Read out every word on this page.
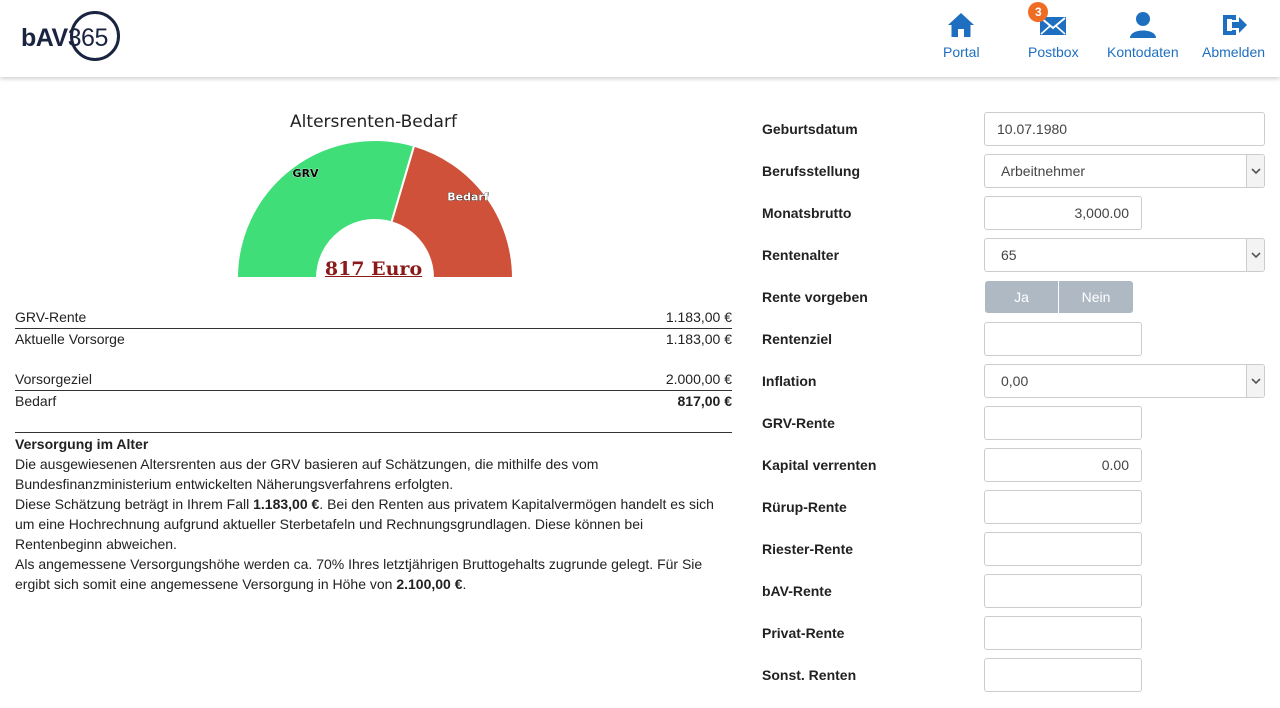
bAV365	Portal
3
Postbox Kontodaten Abmelden
Altersrenten-Bedarf
GRV
Bedarf
817 Euro
GRV-Rente	1.183,00 €
Aktuelle Vorsorge	1.183,00 €
Vorsorgeziel	2.000,00 €
Bedarf	817,00 €
Versorgung im Alter

Die ausgewiesenen Altersrenten aus der GRV basieren auf Schätzungen, die mithilfe des vom Bundesfinanzministerium entwickelten Näherungsverfahrens erfolgten.

Diese Schätzung beträgt in Ihrem Fall 1.183,00 €. Bei den Renten aus privatem Kapitalvermögen handelt es sich um eine Hochrechnung aufgrund aktueller Sterbetafeln und Rechnungsgrundlagen. Diese können bei Rentenbeginn abweichen.

Als angemessene Versorgungshöhe werden ca. 70% Ihres letztjährigen Bruttogehalts zugrunde gelegt. Für Sie ergibt sich somit eine angemessene Versorgung in Höhe von 2.100,00 €.

Geburtsdatum	10.07.1980
Berufsstellung	Arbeitnehmer
Monatsbrutto	3,000.00
Rentenalter	65
Rente vorgeben	Ja	Nein
Rentenziel
Inflation	0,00
GRV-Rente
Kapital verrenten	0.00
Rürup-Rente
Riester-Rente
bAV-Rente
Privat-Rente
Sonst. Renten
